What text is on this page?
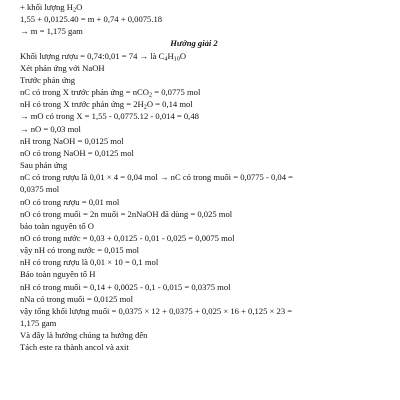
+ khối lượng $H_2O$
1,55 + 0,0125.40 = m + 0,74 + 0,0075.18
→ m = 1,175 gam
Hướng giải 2
Khối lượng rượu = 0,74:0,01 = 74 → là $C_4H_{10}O$
Xét phản ứng với NaOH
Trước phản ứng
nC có trong X trước phản ứng = nCO$_2$ = 0,0775 mol
nH có trong X trước phản ứng = $2H_2O = 0,14$ mol
→ mO có trong X = 1,55 - 0,0775.12 - 0,014 = 0,48
→ nO = 0,03 mol
nH trong NaOH = 0,0125 mol
nO có trong NaOH = 0,0125 mol
Sau phản ứng
nC có trong rượu là 0,01 × 4 = 0,04 mol → nC có trong muối = 0,0775 - 0,04 =
0,0375 mol
nO có trong rượu = 0,01 mol
nO có trong muối = 2n muối = 2nNaOH đã dùng = 0,025 mol
bảo toàn nguyên tố O
nO có trong nước = 0,03 + 0,0125 - 0,01 - 0,025 = 0,0075 mol
vậy nH có trong nước = 0,015 mol
nH có trong rượu là 0,01 × 10 = 0,1 mol
Bảo toàn nguyên tố H
nH có trong muối = 0,14 + 0,0025 - 0,1 - 0,015 = 0,0375 mol
nNa có trong muối = 0,0125 mol
vậy tổng khối lượng muối = 0,0375 × 12 + 0,0375 + 0,025 × 16 + 0,125 × 23 =
1,175 gam
Và đây là hướng chúng ta hướng đến
Tách este ra thành ancol và axit
